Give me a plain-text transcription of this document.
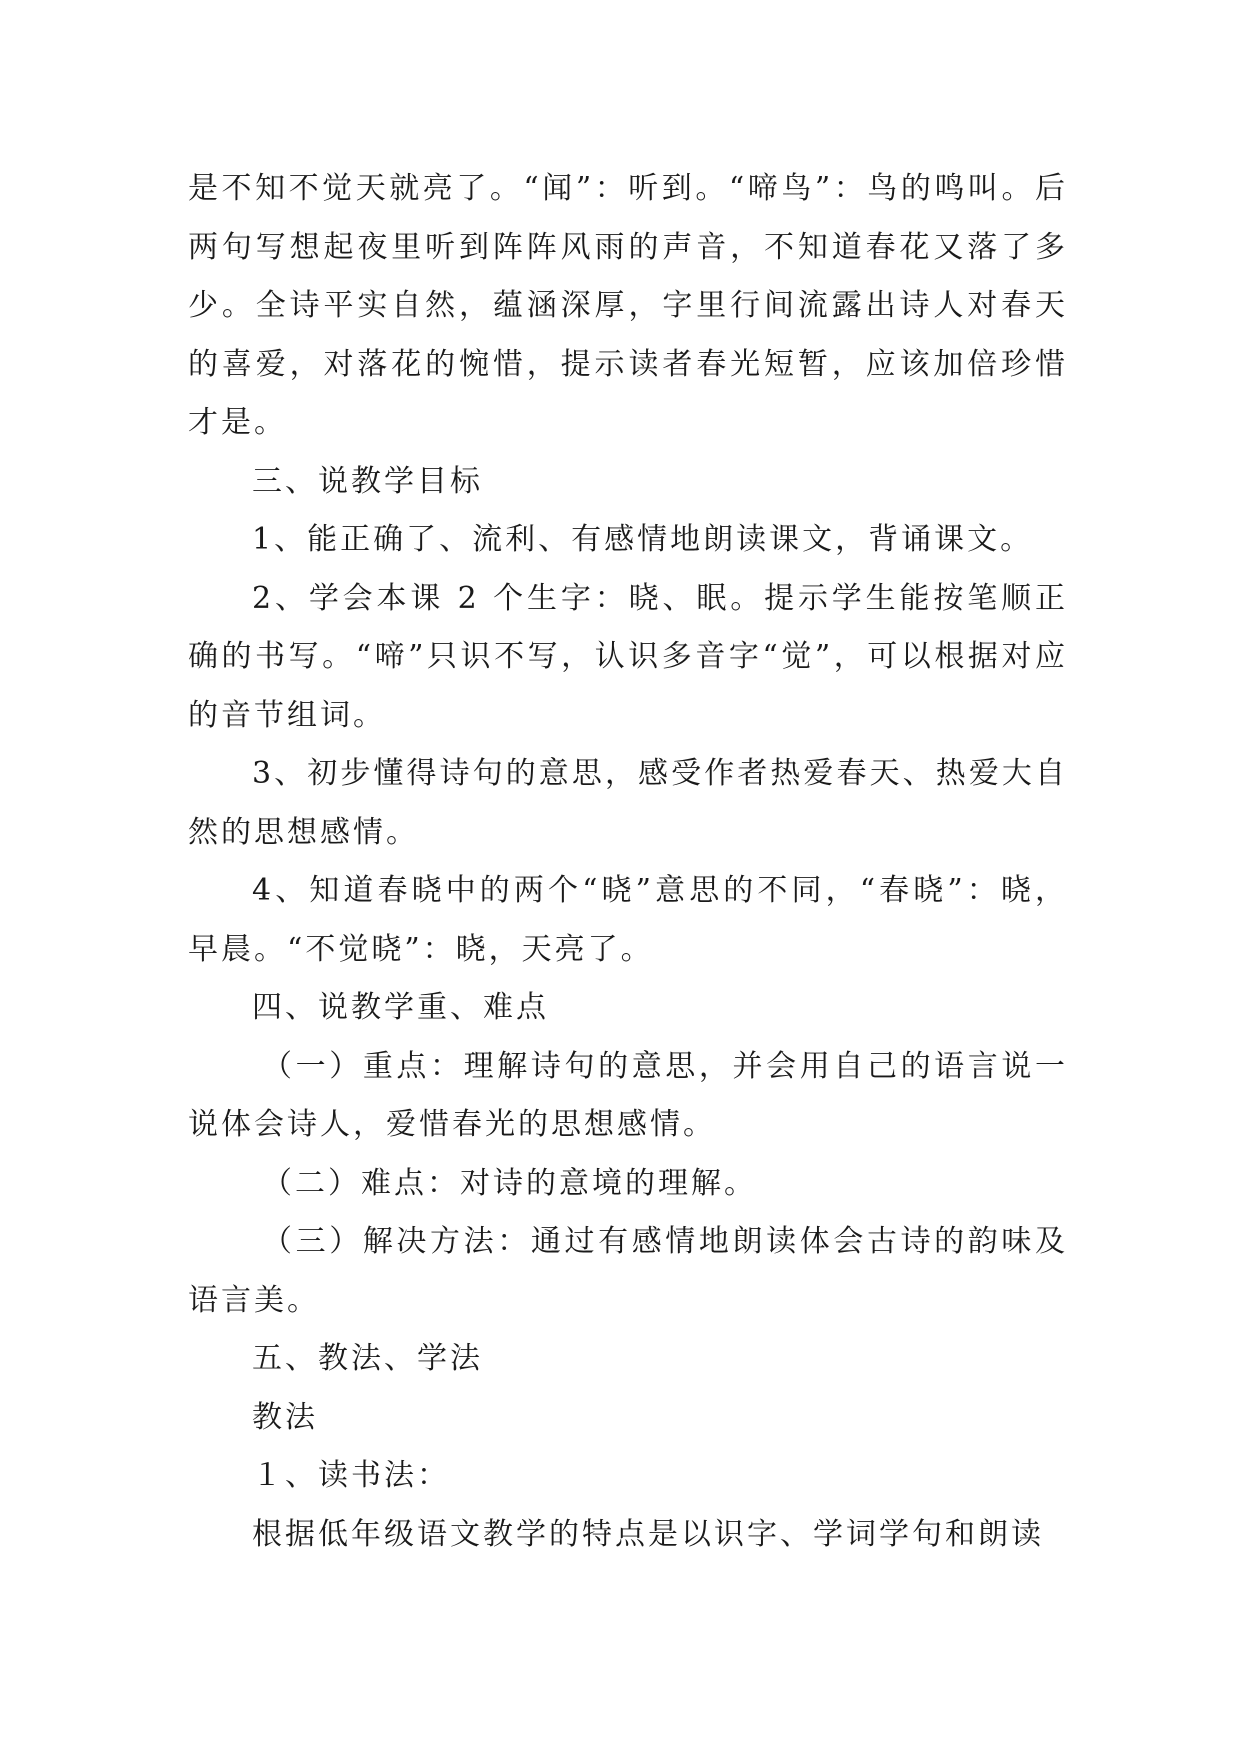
是不知不觉天就亮了。“闻”：听到。“啼鸟”：鸟的鸣叫。后两句写想起夜里听到阵阵风雨的声音，不知道春花又落了多少。全诗平实自然，蕴涵深厚，字里行间流露出诗人对春天的喜爱，对落花的惋惜，提示读者春光短暂，应该加倍珍惜才是。

三、说教学目标

1、能正确了、流利、有感情地朗读课文，背诵课文。

2、学会本课 2 个生字：晓、眠。提示学生能按笔顺正确的书写。“啼”只识不写，认识多音字“觉”，可以根据对应的音节组词。

3、初步懂得诗句的意思，感受作者热爱春天、热爱大自然的思想感情。

4、知道春晓中的两个“晓”意思的不同，“春晓”：晓，早晨。“不觉晓”：晓，天亮了。

四、说教学重、难点

（一）重点：理解诗句的意思，并会用自己的语言说一说体会诗人，爱惜春光的思想感情。

（二）难点：对诗的意境的理解。

（三）解决方法：通过有感情地朗读体会古诗的韵味及语言美。

五、教法、学法

教法

１、读书法：

根据低年级语文教学的特点是以识字、学词学句和朗读
